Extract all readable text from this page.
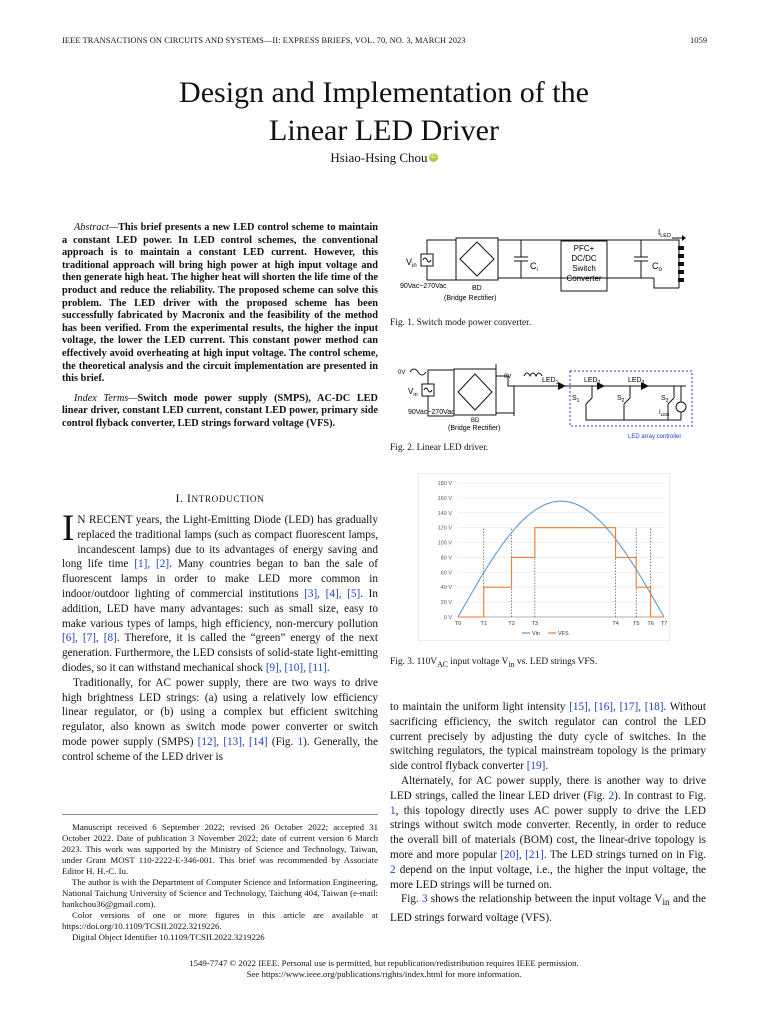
IEEE TRANSACTIONS ON CIRCUITS AND SYSTEMS—II: EXPRESS BRIEFS, VOL. 70, NO. 3, MARCH 2023	1059
Design and Implementation of the
Linear LED Driver
Hsiao-Hsing Chou iD
Abstract—This brief presents a new LED control scheme to maintain a constant LED power. In LED control schemes, the conventional approach is to maintain a constant LED current. However, this traditional approach will bring high power at high input voltage and then generate high heat. The higher heat will shorten the life time of the product and reduce the reliability. The proposed scheme can solve this problem. The LED driver with the proposed scheme has been successfully fabricated by Macronix and the feasibility of the method has been verified. From the experimental results, the higher the input voltage, the lower the LED current. This constant power method can effectively avoid overheating at high input voltage. The control scheme, the theoretical analysis and the circuit implementation are presented in this brief.
Index Terms—Switch mode power supply (SMPS), AC-DC LED linear driver, constant LED current, constant LED power, primary side control flyback converter, LED strings forward voltage (VFS).
I. INTRODUCTION

I N RECENT years, the Light-Emitting Diode (LED) has gradually replaced the traditional lamps (such as compact fluorescent lamps, incandescent lamps) due to its advantages of energy saving and long life time [1], [2]. Many countries began to ban the sale of fluorescent lamps in order to make LED more common in indoor/outdoor lighting of commercial institutions [3], [4], [5]. In addition, LED have many advantages: such as small size, easy to make various types of lamps, high efficiency, non-mercury pollution [6], [7], [8]. Therefore, it is called the “green” energy of the next generation. Furthermore, the LED consists of solid-state light-emitting diodes, so it can withstand mechanical shock [9], [10], [11].

Traditionally, for AC power supply, there are two ways to drive high brightness LED strings: (a) using a relatively low efficiency linear regulator, or (b) using a complex but efficient switching regulator, also known as switch mode power converter or switch mode power supply (SMPS) [12], [13], [14] (Fig. 1). Generally, the control scheme of the LED driver is

Manuscript received 6 September 2022; revised 26 October 2022; accepted 31 October 2022. Date of publication 3 November 2022; date of current version 6 March 2023. This work was supported by the Ministry of Science and Technology, Taiwan, under Grant MOST 110-2222-E-346-001. This brief was recommended by Associate Editor H. H.-C. Iu.

The author is with the Department of Computer Science and Information Engineering, National Taichung University of Science and Technology, Taichung 404, Taiwan (e-mail: hankchou36@gmail.com).

Color versions of one or more figures in this article are available at https://doi.org/10.1109/TCSII.2022.3219226.

Digital Object Identifier 10.1109/TCSII.2022.3219226

to maintain the uniform light intensity [15], [16], [17], [18]. Without sacrificing efficiency, the switch regulator can control the LED current precisely by adjusting the duty cycle of switches. In the switching regulators, the typical mainstream topology is the primary side control flyback converter [19].

Alternately, for AC power supply, there is another way to drive LED strings, called the linear LED driver (Fig. 2). In contrast to Fig. 1, this topology directly uses AC power supply to drive the LED strings without switch mode converter. Recently, in order to reduce the overall bill of materials (BOM) cost, the linear-drive topology is more and more popular [20], [21]. The LED strings turned on in Fig. 2 depend on the input voltage, i.e., the higher the input voltage, the more LED strings will be turned on.

Fig. 3 shows the relationship between the input voltage $V_{in}$ and the LED strings forward voltage (VFS).

1549-7747 © 2022 IEEE. Personal use is permitted, but republication/redistribution requires IEEE permission.
See https://www.ieee.org/publications/rights/index.html for more information.
$V_{in}$
90Vac~270Vac	BD
(Bridge Rectifier)
$C_i$	$C_o$
PFC+
DC/DC
Switch
Converter
$I_{LED}$
Fig. 1. Switch mode power converter.
0V
0V
$V_{in}$
90Vac~270Vac
BD
(Bridge Rectifier)
$LED_1$	$LED_2$	$LED_3$
$S_1$	$S_2$	$S_3$
$I_{LED}$
LED array controller
Fig. 2. Linear LED driver.
0 V
20 V
40 V
60 V
80 V
100 V
120 V
140 V
160 V
180 V
T0	T1	T2	T3	T4	T5 T6 T7
Vin	VFS
Fig. 3. $110V_{AC}$ input voltage $V_{in}$ vs. LED strings VFS.
